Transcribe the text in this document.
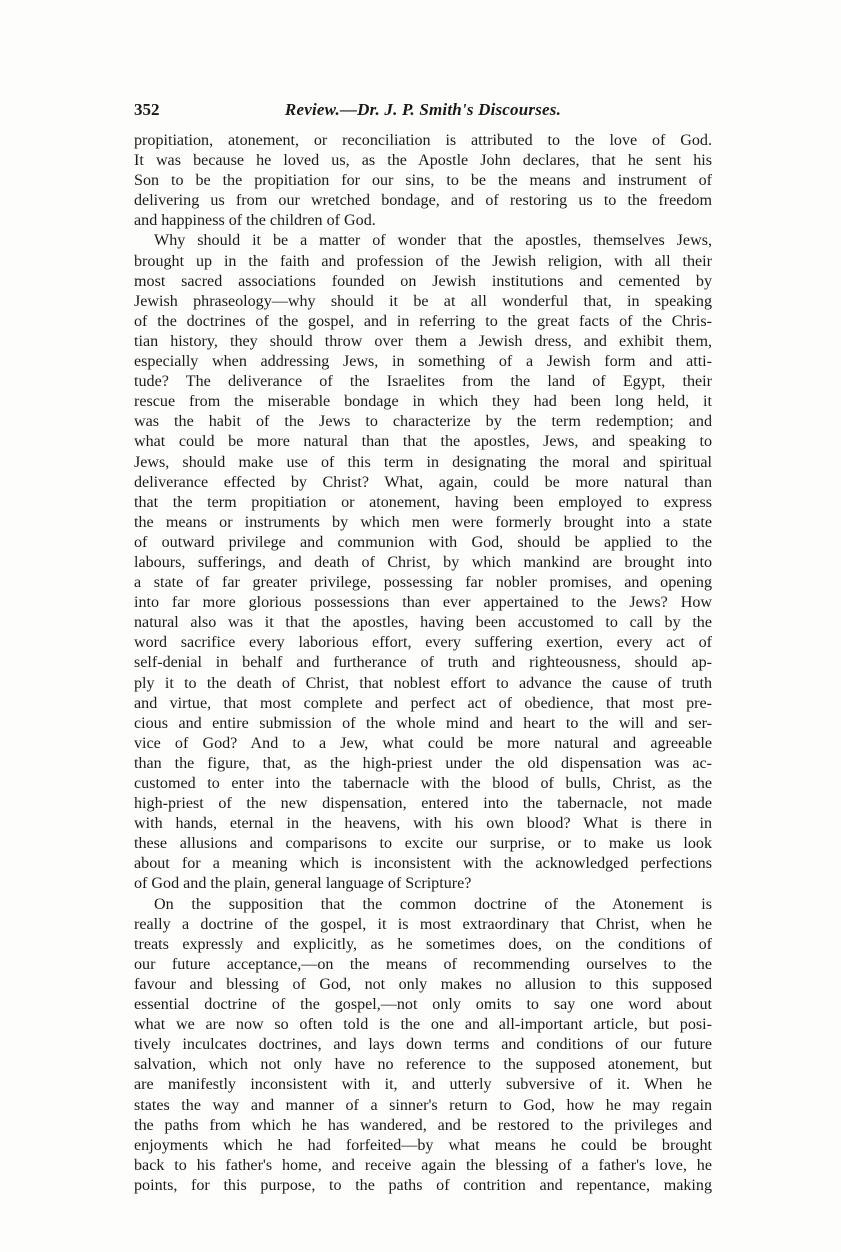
352	Review.—Dr. J. P. Smith's Discourses.
propitiation, atonement, or reconciliation is attributed to the love of God.
It was because he loved us, as the Apostle John declares, that he sent his
Son to be the propitiation for our sins, to be the means and instrument of
delivering us from our wretched bondage, and of restoring us to the freedom
and happiness of the children of God.
Why should it be a matter of wonder that the apostles, themselves Jews,
brought up in the faith and profession of the Jewish religion, with all their
most sacred associations founded on Jewish institutions and cemented by
Jewish phraseology—why should it be at all wonderful that, in speaking
of the doctrines of the gospel, and in referring to the great facts of the Chris-
tian history, they should throw over them a Jewish dress, and exhibit them,
especially when addressing Jews, in something of a Jewish form and atti-
tude? The deliverance of the Israelites from the land of Egypt, their
rescue from the miserable bondage in which they had been long held, it
was the habit of the Jews to characterize by the term redemption; and
what could be more natural than that the apostles, Jews, and speaking to
Jews, should make use of this term in designating the moral and spiritual
deliverance effected by Christ? What, again, could be more natural than
that the term propitiation or atonement, having been employed to express
the means or instruments by which men were formerly brought into a state
of outward privilege and communion with God, should be applied to the
labours, sufferings, and death of Christ, by which mankind are brought into
a state of far greater privilege, possessing far nobler promises, and opening
into far more glorious possessions than ever appertained to the Jews? How
natural also was it that the apostles, having been accustomed to call by the
word sacrifice every laborious effort, every suffering exertion, every act of
self-denial in behalf and furtherance of truth and righteousness, should ap-
ply it to the death of Christ, that noblest effort to advance the cause of truth
and virtue, that most complete and perfect act of obedience, that most pre-
cious and entire submission of the whole mind and heart to the will and ser-
vice of God? And to a Jew, what could be more natural and agreeable
than the figure, that, as the high-priest under the old dispensation was ac-
customed to enter into the tabernacle with the blood of bulls, Christ, as the
high-priest of the new dispensation, entered into the tabernacle, not made
with hands, eternal in the heavens, with his own blood? What is there in
these allusions and comparisons to excite our surprise, or to make us look
about for a meaning which is inconsistent with the acknowledged perfections
of God and the plain, general language of Scripture?
On the supposition that the common doctrine of the Atonement is
really a doctrine of the gospel, it is most extraordinary that Christ, when he
treats expressly and explicitly, as he sometimes does, on the conditions of
our future acceptance,—on the means of recommending ourselves to the
favour and blessing of God, not only makes no allusion to this supposed
essential doctrine of the gospel,—not only omits to say one word about
what we are now so often told is the one and all-important article, but posi-
tively inculcates doctrines, and lays down terms and conditions of our future
salvation, which not only have no reference to the supposed atonement, but
are manifestly inconsistent with it, and utterly subversive of it. When he
states the way and manner of a sinner's return to God, how he may regain
the paths from which he has wandered, and be restored to the privileges and
enjoyments which he had forfeited—by what means he could be brought
back to his father's home, and receive again the blessing of a father's love, he
points, for this purpose, to the paths of contrition and repentance, making
